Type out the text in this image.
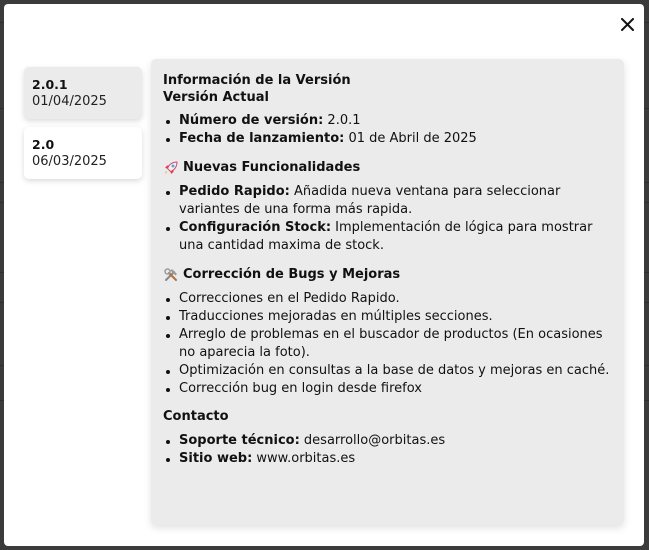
2.0.1
01/04/2025
2.0
06/03/2025

Información de la Versión

Versión Actual

Número de versión: 2.0.1
Fecha de lanzamiento: 01 de Abril de 2025
Nuevas Funcionalidades
Pedido Rapido: Añadida nueva ventana para seleccionar variantes de una forma más rapida.
Configuración Stock: Implementación de lógica para mostrar una cantidad maxima de stock.
Corrección de Bugs y Mejoras
Correcciones en el Pedido Rapido.
Traducciones mejoradas en múltiples secciones.
Arreglo de problemas en el buscador de productos (En ocasiones no aparecia la foto).
Optimización en consultas a la base de datos y mejoras en caché.
Corrección bug en login desde firefox
Contacto
Soporte técnico: desarrollo@orbitas.es
Sitio web: www.orbitas.es
